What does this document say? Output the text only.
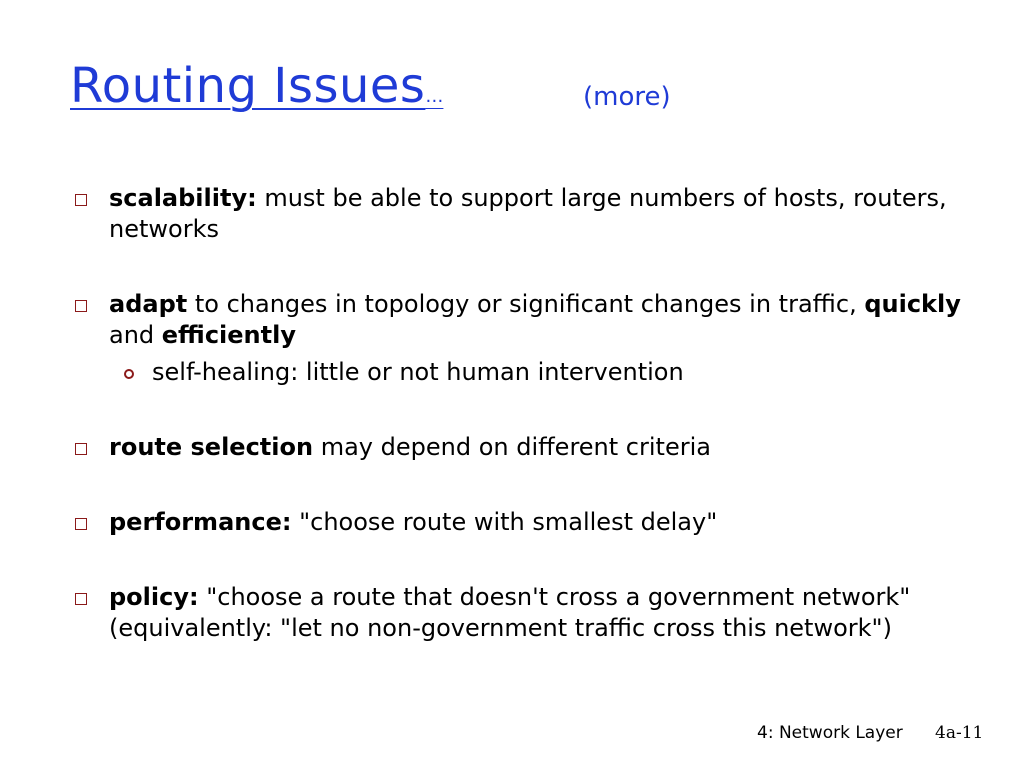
Routing Issues…	(more)
scalability: must be able to support large numbers of hosts, routers, networks
adapt to changes in topology or significant changes in traffic, quickly and efficiently
self-healing: little or not human intervention
route selection may depend on different criteria
performance: "choose route with smallest delay"
policy: "choose a route that doesn't cross a government network" (equivalently: "let no non-government traffic cross this network")
4: Network Layer 4a-11
